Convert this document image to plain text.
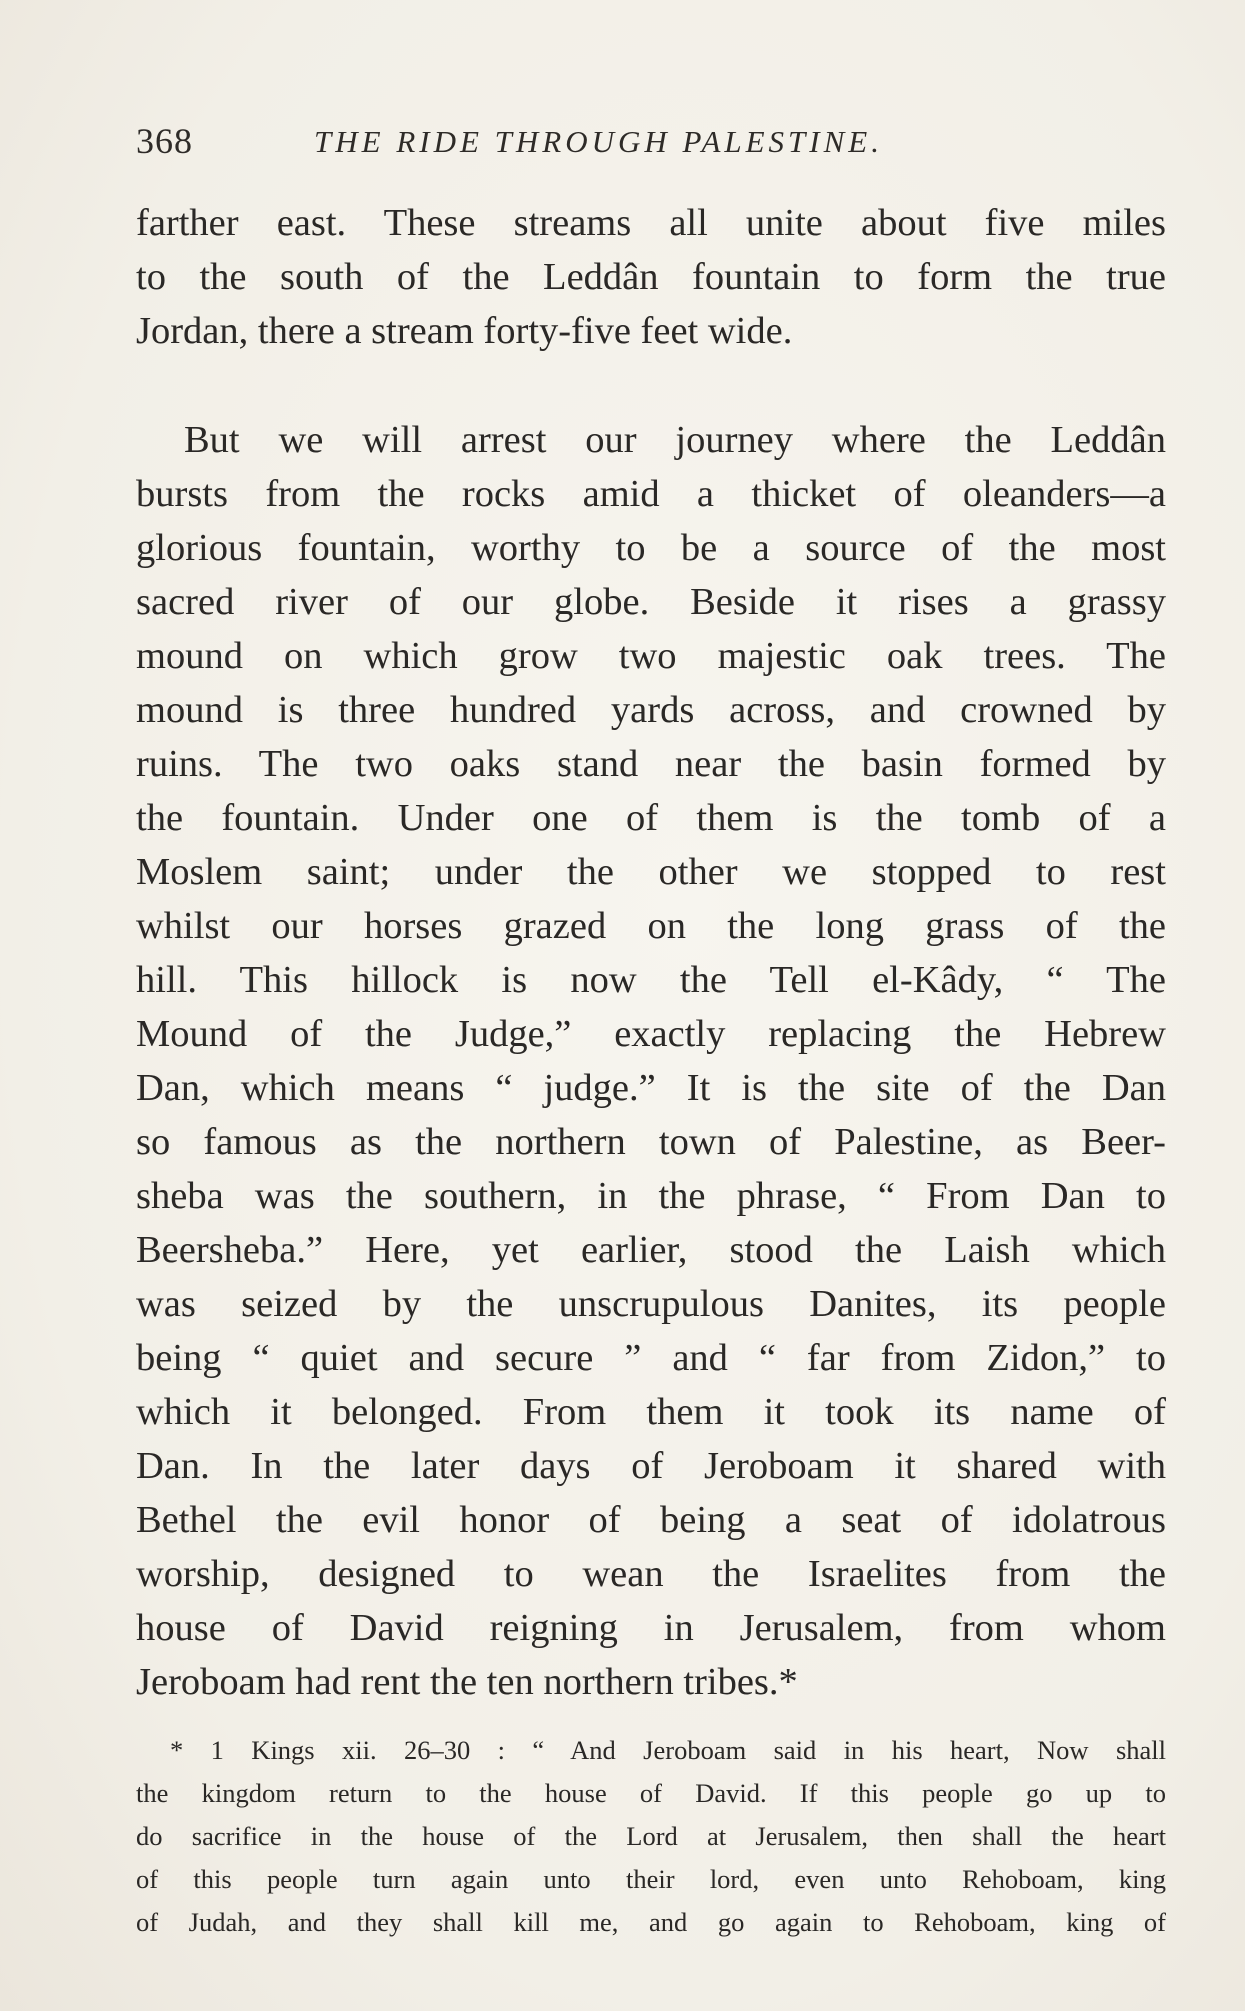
368	THE RIDE THROUGH PALESTINE.
farther east. These streams all unite about five miles
to the south of the Leddân fountain to form the true
Jordan, there a stream forty-five feet wide.
But we will arrest our journey where the Leddân
bursts from the rocks amid a thicket of oleanders—a
glorious fountain, worthy to be a source of the most
sacred river of our globe. Beside it rises a grassy
mound on which grow two majestic oak trees. The
mound is three hundred yards across, and crowned by
ruins. The two oaks stand near the basin formed by
the fountain. Under one of them is the tomb of a
Moslem saint; under the other we stopped to rest
whilst our horses grazed on the long grass of the
hill. This hillock is now the Tell el-Kâdy, “ The
Mound of the Judge,” exactly replacing the Hebrew
Dan, which means “ judge.” It is the site of the Dan
so famous as the northern town of Palestine, as Beer-
sheba was the southern, in the phrase, “ From Dan to
Beersheba.” Here, yet earlier, stood the Laish which
was seized by the unscrupulous Danites, its people
being “ quiet and secure ” and “ far from Zidon,” to
which it belonged. From them it took its name of
Dan. In the later days of Jeroboam it shared with
Bethel the evil honor of being a seat of idolatrous
worship, designed to wean the Israelites from the
house of David reigning in Jerusalem, from whom
Jeroboam had rent the ten northern tribes.*
* 1 Kings xii. 26–30 : “ And Jeroboam said in his heart, Now shall
the kingdom return to the house of David. If this people go up to
do sacrifice in the house of the Lord at Jerusalem, then shall the heart
of this people turn again unto their lord, even unto Rehoboam, king
of Judah, and they shall kill me, and go again to Rehoboam, king of
